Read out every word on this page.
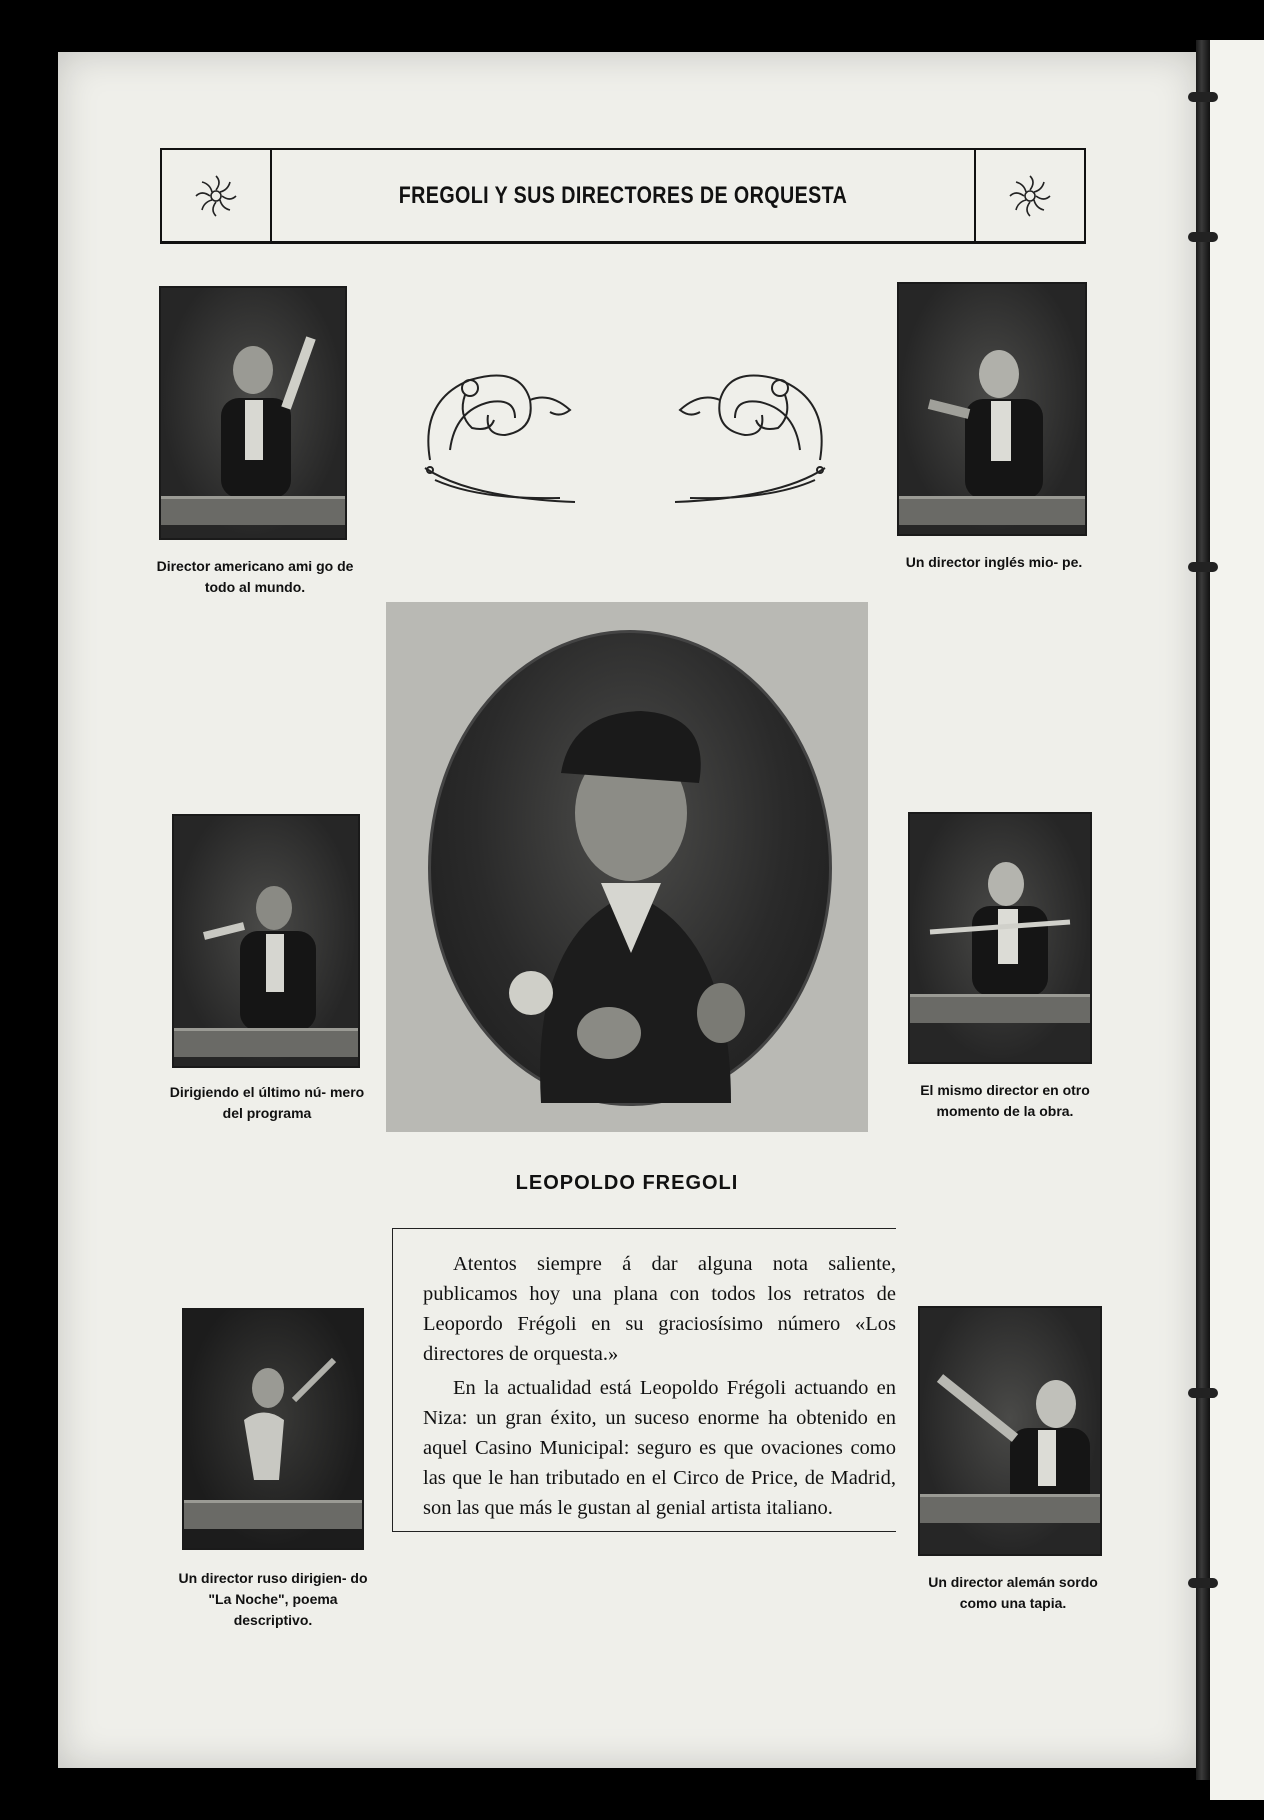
FREGOLI Y SUS DIRECTORES DE ORQUESTA
Director americano ami go de todo al mundo.
Un director inglés mio- pe.
Dirigiendo el último nú- mero del programa
El mismo director en otro momento de la obra.
LEOPOLDO FREGOLI

Atentos siempre á dar alguna nota saliente, publicamos hoy una plana con todos los retratos de Leopordo Frégoli en su graciosísimo número «Los directores de orquesta.»

En la actualidad está Leopoldo Frégoli actuando en Niza: un gran éxito, un suceso enorme ha obtenido en aquel Casino Municipal: seguro es que ovaciones como las que le han tributado en el Circo de Price, de Madrid, son las que más le gustan al genial artista italiano.

Un director ruso dirigien- do "La Noche", poema descriptivo.
Un director alemán sordo como una tapia.
